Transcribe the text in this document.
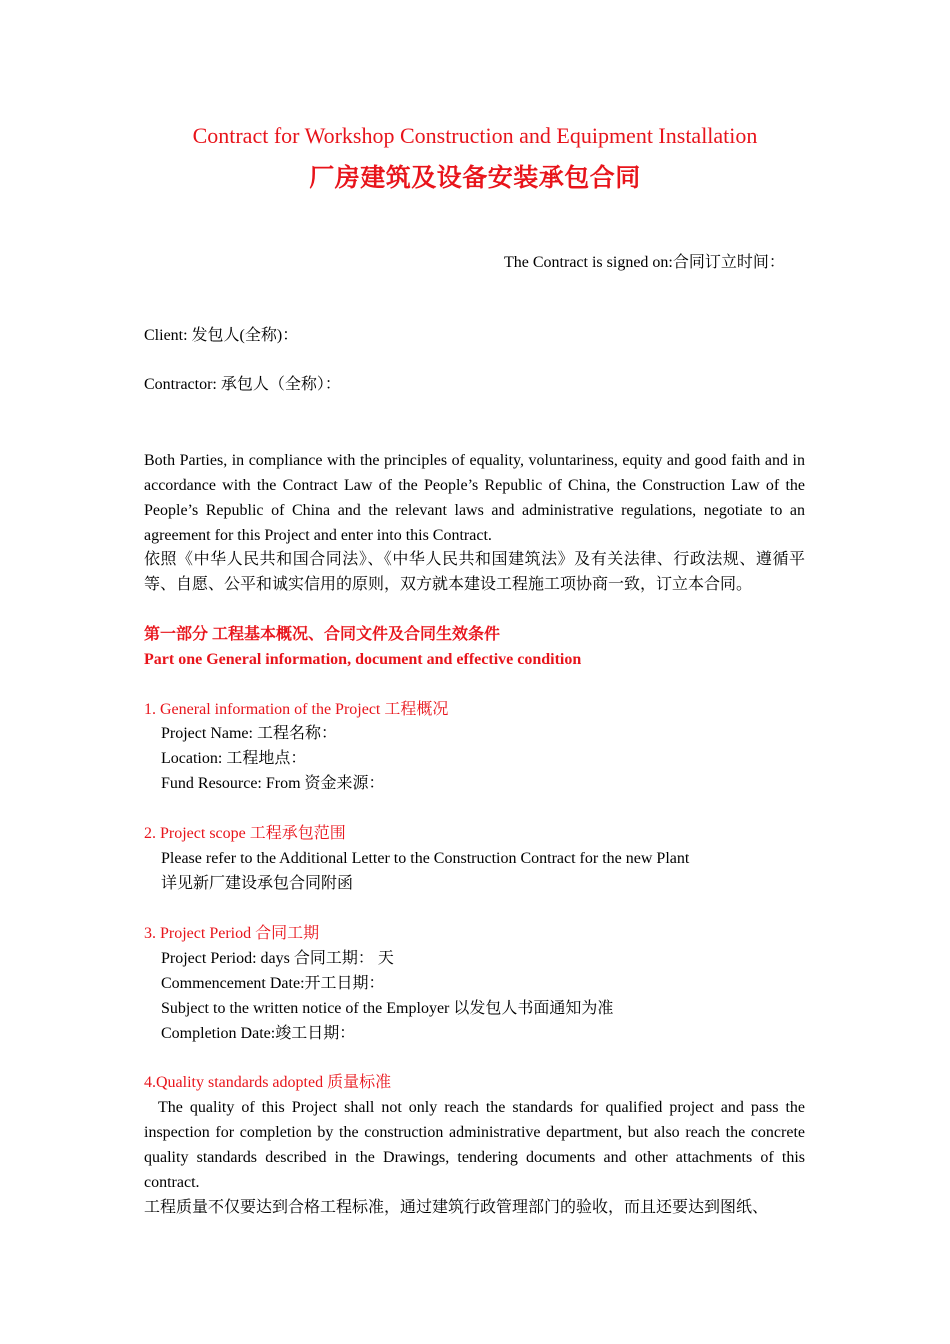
Contract for Workshop Construction and Equipment Installation
厂房建筑及设备安装承包合同
The Contract is signed on:合同订立时间：
Client: 发包人(全称)：
Contractor: 承包人（全称）：
Both Parties, in compliance with the principles of equality, voluntariness, equity and good faith and in accordance with the Contract Law of the People’s Republic of China, the Construction Law of the People’s Republic of China and the relevant laws and administrative regulations, negotiate to an agreement for this Project and enter into this Contract.
依照《中华人民共和国合同法》、《中华人民共和国建筑法》及有关法律、行政法规、遵循平等、自愿、公平和诚实信用的原则，双方就本建设工程施工项协商一致，订立本合同。
第一部分 工程基本概况、合同文件及合同生效条件
Part one General information, document and effective condition
1. General information of the Project 工程概况
Project Name: 工程名称：
Location: 工程地点：
Fund Resource: From 资金来源：
2. Project scope 工程承包范围
Please refer to the Additional Letter to the Construction Contract for the new Plant
详见新厂建设承包合同附函
3. Project Period 合同工期
Project Period: days 合同工期： 天
Commencement Date:开工日期：
Subject to the written notice of the Employer 以发包人书面通知为准
Completion Date:竣工日期：
4.Quality standards adopted 质量标准
The quality of this Project shall not only reach the standards for qualified project and pass the inspection for completion by the construction administrative department, but also reach the concrete quality standards described in the Drawings, tendering documents and other attachments of this contract.
工程质量不仅要达到合格工程标准，通过建筑行政管理部门的验收，而且还要达到图纸、
